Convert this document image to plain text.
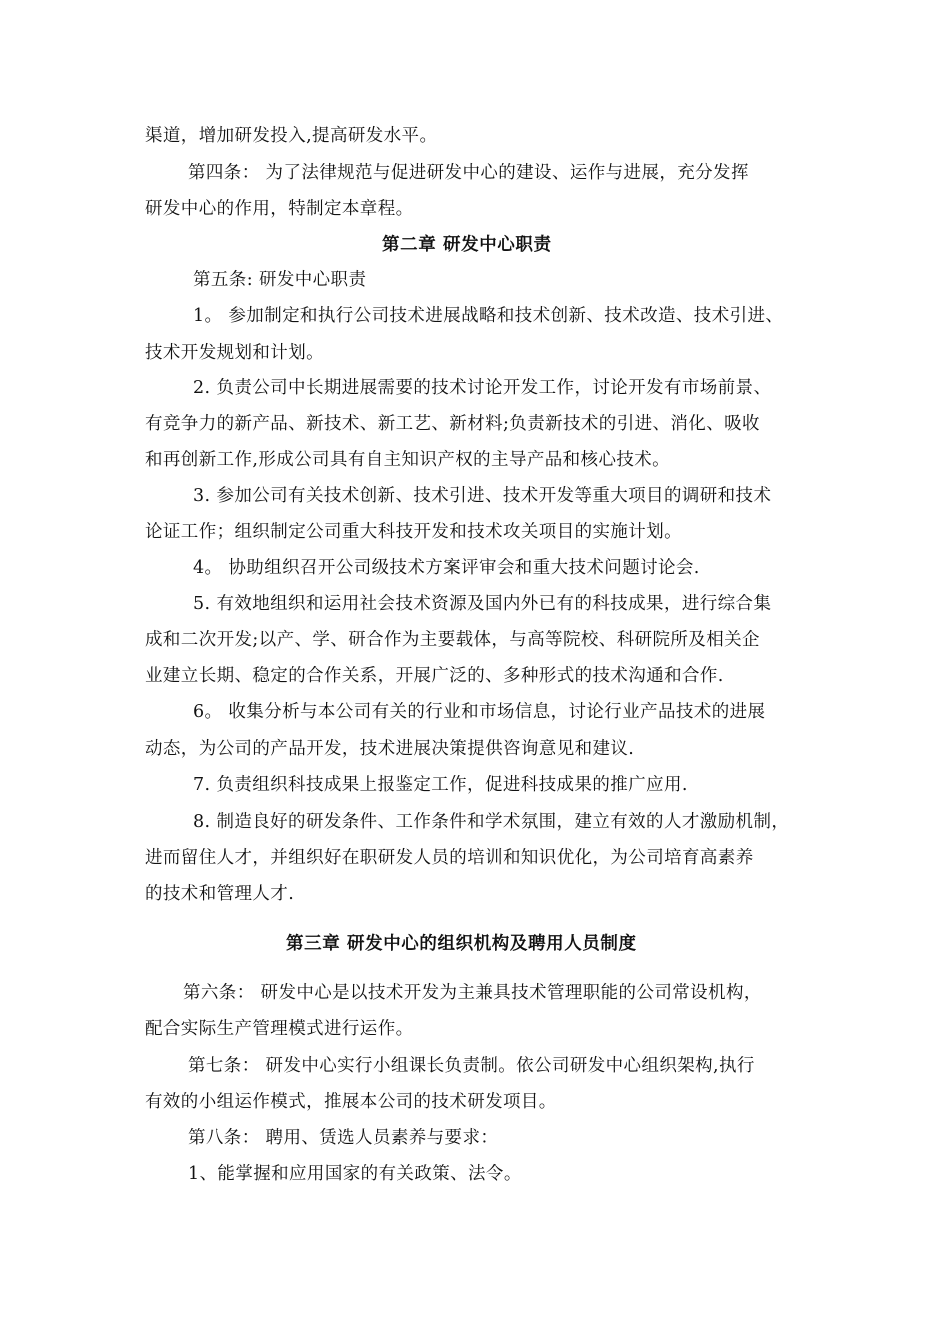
渠道，增加研发投入,提高研发水平。
第四条： 为了法律规范与促进研发中心的建设、运作与进展，充分发挥
研发中心的作用，特制定本章程。
第二章 研发中心职责
第五条: 研发中心职责
1。 参加制定和执行公司技术进展战略和技术创新、技术改造、技术引进、
技术开发规划和计划。
2. 负责公司中长期进展需要的技术讨论开发工作，讨论开发有市场前景、
有竞争力的新产品、新技术、新工艺、新材料;负责新技术的引进、消化、吸收
和再创新工作,形成公司具有自主知识产权的主导产品和核心技术。
3. 参加公司有关技术创新、技术引进、技术开发等重大项目的调研和技术
论证工作；组织制定公司重大科技开发和技术攻关项目的实施计划。
4。 协助组织召开公司级技术方案评审会和重大技术问题讨论会.
5. 有效地组织和运用社会技术资源及国内外已有的科技成果，进行综合集
成和二次开发;以产、学、研合作为主要载体，与高等院校、科研院所及相关企
业建立长期、稳定的合作关系，开展广泛的、多种形式的技术沟通和合作.
6。 收集分析与本公司有关的行业和市场信息，讨论行业产品技术的进展
动态，为公司的产品开发，技术进展决策提供咨询意见和建议.
7. 负责组织科技成果上报鉴定工作，促进科技成果的推广应用.
8. 制造良好的研发条件、工作条件和学术氛围，建立有效的人才激励机制，
进而留住人才，并组织好在职研发人员的培训和知识优化，为公司培育高素养
的技术和管理人才.
第三章 研发中心的组织机构及聘用人员制度
第六条： 研发中心是以技术开发为主兼具技术管理职能的公司常设机构，
配合实际生产管理模式进行运作。
第七条： 研发中心实行小组课长负责制。依公司研发中心组织架构,执行
有效的小组运作模式，推展本公司的技术研发项目。
第八条： 聘用、赁选人员素养与要求：
1、能掌握和应用国家的有关政策、法令。
